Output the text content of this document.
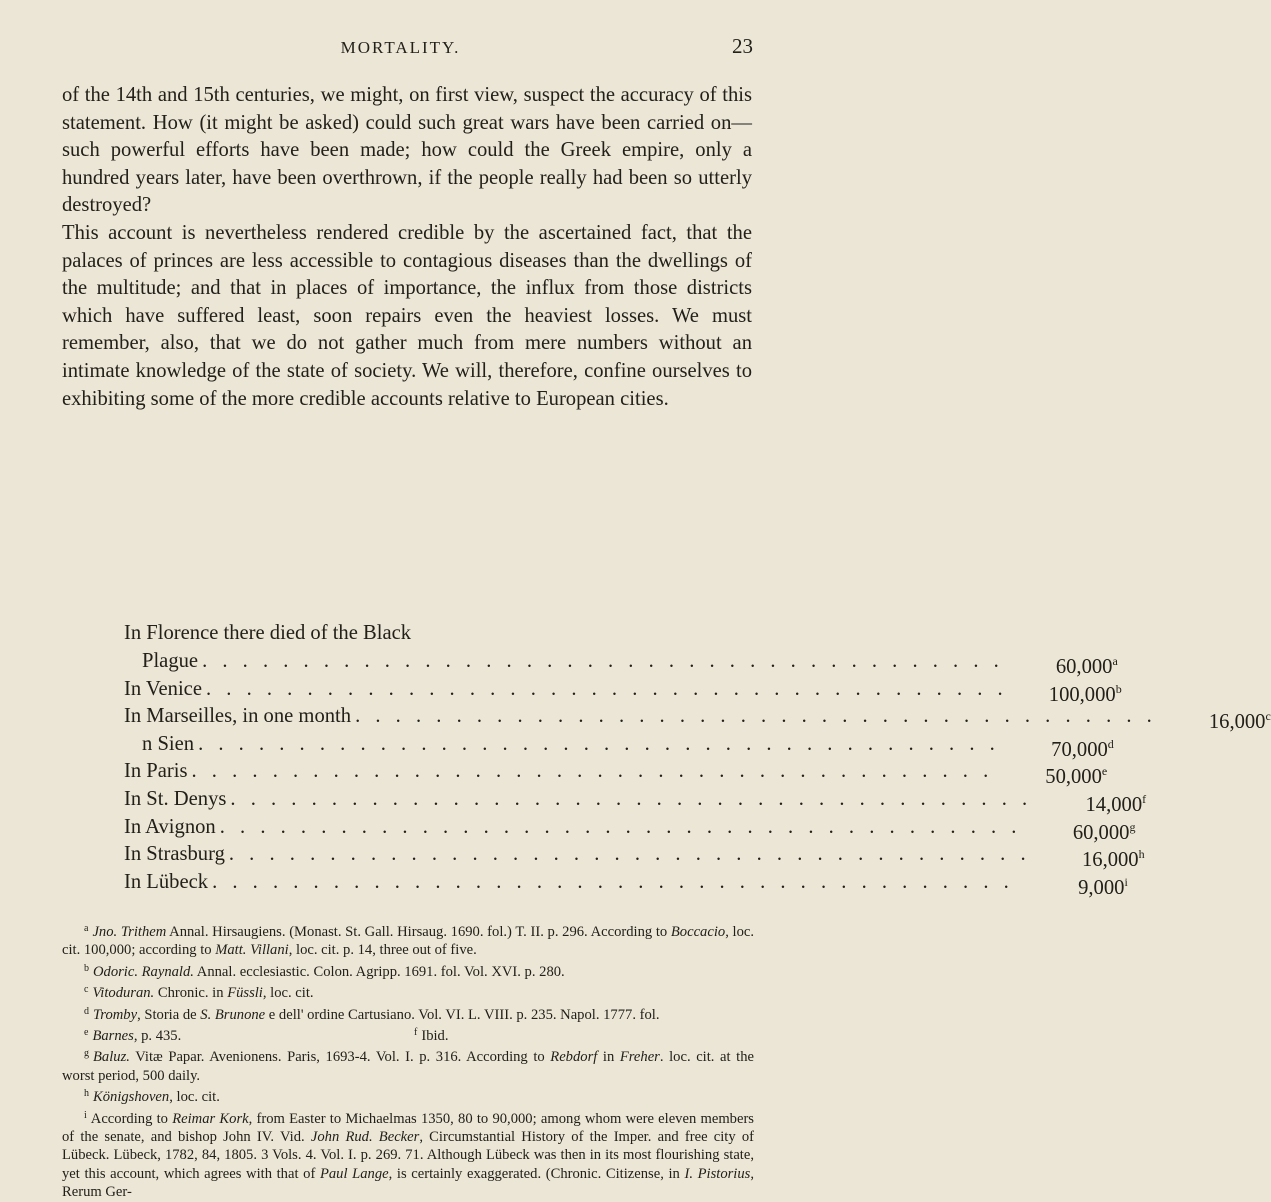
MORTALITY.	23

of the 14th and 15th centuries, we might, on first view, suspect the accuracy of this statement. How (it might be asked) could such great wars have been carried on—such powerful efforts have been made; how could the Greek empire, only a hundred years later, have been overthrown, if the people really had been so utterly destroyed?

This account is nevertheless rendered credible by the ascertained fact, that the palaces of princes are less accessible to contagious diseases than the dwellings of the multitude; and that in places of importance, the influx from those districts which have suffered least, soon repairs even the heaviest losses. We must remember, also, that we do not gather much from mere numbers without an intimate knowledge of the state of society. We will, therefore, confine ourselves to exhibiting some of the more credible accounts relative to European cities.

In Florence there died of the Black
Plague . . . . . . . . . . . . . . . . . . . . . . . . . . . . . . . . . . . . . . . .	60,000$^a$
In Venice . . . . . . . . . . . . . . . . . . . . . . . . . . . . . . . . . . . . . . . .	100,000$^b$
In Marseilles, in one month . . . . . . . . . . . . . . . . . . . . . . . . . . . . . . . . . . . . . . . .	16,000$^c$
n Sien . . . . . . . . . . . . . . . . . . . . . . . . . . . . . . . . . . . . . . . .	70,000$^d$
In Paris . . . . . . . . . . . . . . . . . . . . . . . . . . . . . . . . . . . . . . . .	50,000e
In St. Denys . . . . . . . . . . . . . . . . . . . . . . . . . . . . . . . . . . . . . . . .	14,000$^f$
In Avignon . . . . . . . . . . . . . . . . . . . . . . . . . . . . . . . . . . . . . . . .	60,000$^g$
In Strasburg . . . . . . . . . . . . . . . . . . . . . . . . . . . . . . . . . . . . . . . .	16,000$^h$
In Lübeck . . . . . . . . . . . . . . . . . . . . . . . . . . . . . . . . . . . . . . . .	9,000$^i$

$^a$ Jno. Trithem Annal. Hirsaugiens. (Monast. St. Gall. Hirsaug. 1690. fol.) T. II. p. 296. According to Boccacio, loc. cit. 100,000; according to Matt. Villani, loc. cit. p. 14, three out of five.

$^b$ Odoric. Raynald. Annal. ecclesiastic. Colon. Agripp. 1691. fol. Vol. XVI. p. 280.

$^c$ Vitoduran. Chronic. in Füssli, loc. cit.

$^d$ Tromby, Storia de S. Brunone e dell' ordine Cartusiano. Vol. VI. L. VIII. p. 235. Napol. 1777. fol.

$^e$ Barnes, p. 435.	$^f$ Ibid.

$^g$ Baluz. Vitæ Papar. Avenionens. Paris, 1693-4. Vol. I. p. 316. According to Rebdorf in Freher. loc. cit. at the worst period, 500 daily.

$^h$ Königshoven, loc. cit.

$^i$ According to Reimar Kork, from Easter to Michaelmas 1350, 80 to 90,000; among whom were eleven members of the senate, and bishop John IV. Vid. John Rud. Becker, Circumstantial History of the Imper. and free city of Lübeck. Lübeck, 1782, 84, 1805. 3 Vols. 4. Vol. I. p. 269. 71. Although Lübeck was then in its most flourishing state, yet this account, which agrees with that of Paul Lange, is certainly exaggerated. (Chronic. Citizense, in I. Pistorius, Rerum Ger-
